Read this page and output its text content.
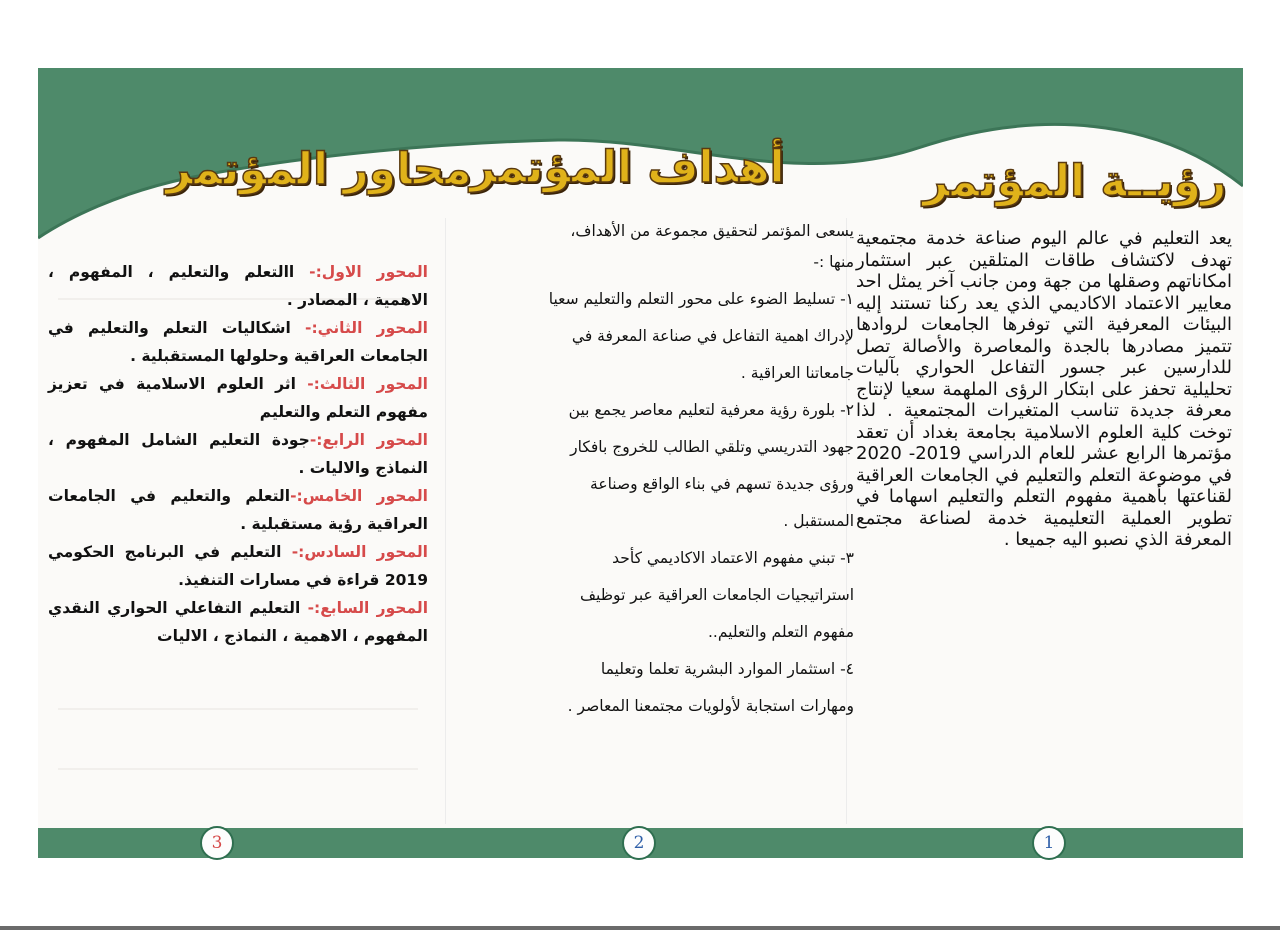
رؤيــة المؤتمر
أهداف المؤتمر
محاور المؤتمر
يعد التعليم في عالم اليوم صناعة خدمة مجتمعية تهدف لاكتشاف طاقات المتلقين عبر استثمار امكاناتهم وصقلها من جهة ومن جانب آخر يمثل احد معايير الاعتماد الاكاديمي الذي يعد ركنا تستند إليه البيئات المعرفية التي توفرها الجامعات لروادها تتميز مصادرها بالجدة والمعاصرة والأصالة تصل للدارسين عبر جسور التفاعل الحواري بآليات تحليلية تحفز على ابتكار الرؤى الملهمة سعيا لإنتاج معرفة جديدة تناسب المتغيرات المجتمعية . لذا توخت كلية العلوم الاسلامية بجامعة بغداد أن تعقد مؤتمرها الرابع عشر للعام الدراسي 2019- 2020 في موضوعة التعلم والتعليم في الجامعات العراقية لقناعتها بأهمية مفهوم التعلم والتعليم اسهاما في تطوير العملية التعليمية خدمة لصناعة مجتمع المعرفة الذي نصبو اليه جميعا .
يسعى المؤتمر لتحقيق مجموعة من الأهداف،
منها :-
١- تسليط الضوء على محور التعلم والتعليم سعيا
لإدراك اهمية التفاعل في صناعة المعرفة في
جامعاتنا العراقية .
٢- بلورة رؤية معرفية لتعليم معاصر يجمع بين
جهود التدريسي وتلقي الطالب للخروج بافكار
ورؤى جديدة تسهم في بناء الواقع وصناعة
المستقبل .
٣- تبني مفهوم الاعتماد الاكاديمي كأحد
استراتيجيات الجامعات العراقية عبر توظيف
مفهوم التعلم والتعليم..
٤- استثمار الموارد البشرية تعلما وتعليما
ومهارات استجابة لأولويات مجتمعنا المعاصر .

المحور الاول:- االتعلم والتعليم ، المفهوم ، الاهمية ، المصادر .

المحور الثاني:- اشكاليات التعلم والتعليم في الجامعات العراقية وحلولها المستقبلية .

المحور الثالث:- اثر العلوم الاسلامية في تعزيز مفهوم التعلم والتعليم

المحور الرابع:-جودة التعليم الشامل المفهوم ، النماذج والاليات .

المحور الخامس:-التعلم والتعليم في الجامعات العراقية رؤية مستقبلية .

المحور السادس:- التعليم في البرنامج الحكومي 2019 قراءة في مسارات التنفيذ.

المحور السابع:- التعليم التفاعلي الحواري النقدي المفهوم ، الاهمية ، النماذج ، الاليات

3	2	1
